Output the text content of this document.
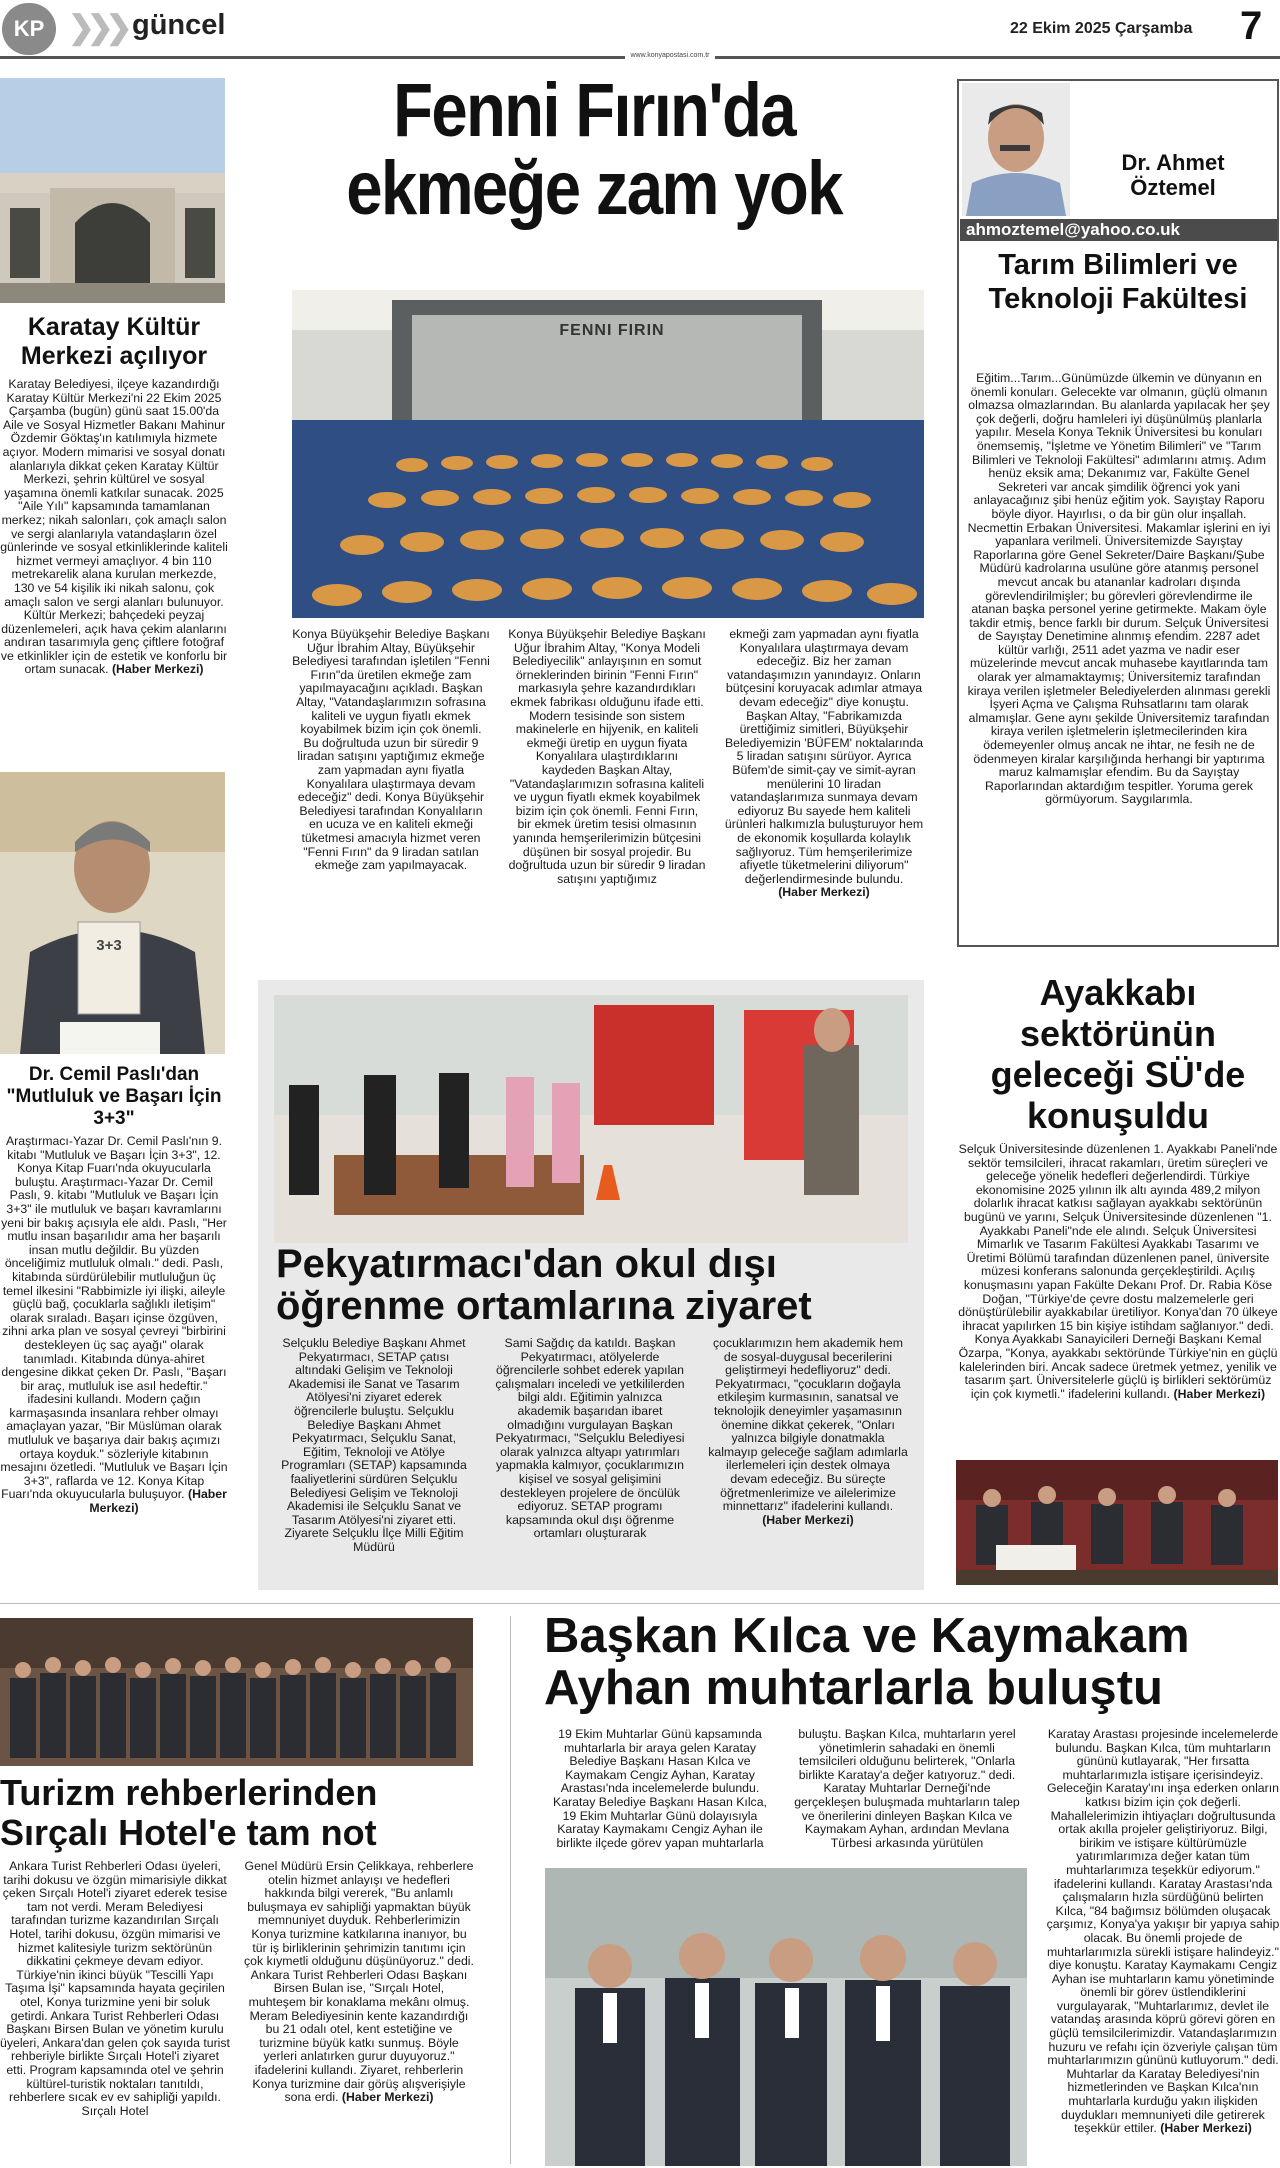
KP ❯❯❯ güncel	22 Ekim 2025 Çarşamba 7
www.konyapostasi.com.tr
Karatay Kültür Merkezi açılıyor
Karatay Belediyesi, ilçeye kazandırdığı Karatay Kültür Merkezi'ni 22 Ekim 2025 Çarşamba (bugün) günü saat 15.00'da Aile ve Sosyal Hizmetler Bakanı Mahinur Özdemir Göktaş'ın katılımıyla hizmete açıyor. Modern mimarisi ve sosyal donatı alanlarıyla dikkat çeken Karatay Kültür Merkezi, şehrin kültürel ve sosyal yaşamına önemli katkılar sunacak. 2025 "Aile Yılı" kapsamında tamamlanan merkez; nikah salonları, çok amaçlı salon ve sergi alanlarıyla vatandaşların özel günlerinde ve sosyal etkinliklerinde kaliteli hizmet vermeyi amaçlıyor. 4 bin 110 metrekarelik alana kurulan merkezde, 130 ve 54 kişilik iki nikah salonu, çok amaçlı salon ve sergi alanları bulunuyor. Kültür Merkezi; bahçedeki peyzaj düzenlemeleri, açık hava çekim alanlarını andıran tasarımıyla genç çiftlere fotoğraf ve etkinlikler için de estetik ve konforlu bir ortam sunacak. (Haber Merkezi)
3+3
Dr. Cemil Paslı'dan "Mutluluk ve Başarı İçin 3+3"
Araştırmacı-Yazar Dr. Cemil Paslı'nın 9. kitabı "Mutluluk ve Başarı İçin 3+3", 12. Konya Kitap Fuarı'nda okuyucularla buluştu. Araştırmacı-Yazar Dr. Cemil Paslı, 9. kitabı "Mutluluk ve Başarı İçin 3+3" ile mutluluk ve başarı kavramlarını yeni bir bakış açısıyla ele aldı. Paslı, "Her mutlu insan başarılıdır ama her başarılı insan mutlu değildir. Bu yüzden önceliğimiz mutluluk olmalı." dedi. Paslı, kitabında sürdürülebilir mutluluğun üç temel ilkesini "Rabbimizle iyi ilişki, aileyle güçlü bağ, çocuklarla sağlıklı iletişim" olarak sıraladı. Başarı içinse özgüven, zihni arka plan ve sosyal çevreyi "birbirini destekleyen üç saç ayağı" olarak tanımladı. Kitabında dünya-ahiret dengesine dikkat çeken Dr. Paslı, "Başarı bir araç, mutluluk ise asıl hedeftir." ifadesini kullandı. Modern çağın karmaşasında insanlara rehber olmayı amaçlayan yazar, "Bir Müslüman olarak mutluluk ve başarıya dair bakış açımızı ortaya koyduk." sözleriyle kitabının mesajını özetledi. "Mutluluk ve Başarı İçin 3+3", raflarda ve 12. Konya Kitap Fuarı'nda okuyucularla buluşuyor. (Haber Merkezi)
Fenni Fırın'da
ekmeğe zam yok
FENNI FIRIN
Konya Büyükşehir Belediye Başkanı Uğur İbrahim Altay, Büyükşehir Belediyesi tarafından işletilen "Fenni Fırın"da üretilen ekmeğe zam yapılmayacağını açıkladı. Başkan Altay, "Vatandaşlarımızın sofrasına kaliteli ve uygun fiyatlı ekmek koyabilmek bizim için çok önemli. Bu doğrultuda uzun bir süredir 9 liradan satışını yaptığımız ekmeğe zam yapmadan aynı fiyatla Konyalılara ulaştırmaya devam edeceğiz" dedi. Konya Büyükşehir Belediyesi tarafından Konyalıların en ucuza ve en kaliteli ekmeği tüketmesi amacıyla hizmet veren "Fenni Fırın" da 9 liradan satılan ekmeğe zam yapılmayacak.
Konya Büyükşehir Belediye Başkanı Uğur İbrahim Altay, "Konya Modeli Belediyecilik" anlayışının en somut örneklerinden birinin "Fenni Fırın" markasıyla şehre kazandırdıkları ekmek fabrikası olduğunu ifade etti. Modern tesisinde son sistem makinelerle en hijyenik, en kaliteli ekmeği üretip en uygun fiyata Konyalılara ulaştırdıklarını kaydeden Başkan Altay, "Vatandaşlarımızın sofrasına kaliteli ve uygun fiyatlı ekmek koyabilmek bizim için çok önemli. Fenni Fırın, bir ekmek üretim tesisi olmasının yanında hemşerilerimizin bütçesini düşünen bir sosyal projedir. Bu doğrultuda uzun bir süredir 9 liradan satışını yaptığımız
ekmeği zam yapmadan aynı fiyatla Konyalılara ulaştırmaya devam edeceğiz. Biz her zaman vatandaşımızın yanındayız. Onların bütçesini koruyacak adımlar atmaya devam edeceğiz" diye konuştu. Başkan Altay, "Fabrikamızda ürettiğimiz simitleri, Büyükşehir Belediyemizin 'BÜFEM' noktalarında 5 liradan satışını sürüyor. Ayrıca Büfem'de simit-çay ve simit-ayran menülerini 10 liradan vatandaşlarımıza sunmaya devam ediyoruz Bu sayede hem kaliteli ürünleri halkımızla buluşturuyor hem de ekonomik koşullarda kolaylık sağlıyoruz. Tüm hemşerilerimize afiyetle tüketmelerini diliyorum" değerlendirmesinde bulundu. (Haber Merkezi)
Dr. Ahmet
Öztemel
ahmoztemel@yahoo.co.uk
Tarım Bilimleri ve Teknoloji Fakültesi
Eğitim...Tarım...Günümüzde ülkemin ve dünyanın en önemli konuları. Gelecekte var olmanın, güçlü olmanın olmazsa olmazlarından. Bu alanlarda yapılacak her şey çok değerli, doğru hamleleri iyi düşünülmüş planlarla yapılır. Mesela Konya Teknik Üniversitesi bu konuları önemsemiş, "İşletme ve Yönetim Bilimleri" ve "Tarım Bilimleri ve Teknoloji Fakültesi" adımlarını atmış. Adım henüz eksik ama; Dekanımız var, Fakülte Genel Sekreteri var ancak şimdilik öğrenci yok yani anlayacağınız şibi henüz eğitim yok. Sayıştay Raporu böyle diyor. Hayırlısı, o da bir gün olur inşallah. Necmettin Erbakan Üniversitesi. Makamlar işlerini en iyi yapanlara verilmeli. Üniversitemizde Sayıştay Raporlarına göre Genel Sekreter/Daire Başkanı/Şube Müdürü kadrolarına usulüne göre atanmış personel mevcut ancak bu atananlar kadroları dışında görevlendirilmişler; bu görevleri görevlendirme ile atanan başka personel yerine getirmekte. Makam öyle takdir etmiş, bence farklı bir durum. Selçuk Üniversitesi de Sayıştay Denetimine alınmış efendim. 2287 adet kültür varlığı, 2511 adet yazma ve nadir eser müzelerinde mevcut ancak muhasebe kayıtlarında tam olarak yer almamaktaymış; Üniversitemiz tarafından kiraya verilen işletmeler Belediyelerden alınması gerekli İşyeri Açma ve Çalışma Ruhsatlarını tam olarak almamışlar. Gene aynı şekilde Üniversitemiz tarafından kiraya verilen işletmelerin işletmecilerinden kira ödemeyenler olmuş ancak ne ihtar, ne fesih ne de ödenmeyen kiralar karşılığında herhangi bir yaptırıma maruz kalmamışlar efendim. Bu da Sayıştay Raporlarından aktardığım tespitler. Yoruma gerek görmüyorum. Saygılarımla.
Pekyatırmacı'dan okul dışı
öğrenme ortamlarına ziyaret
Selçuklu Belediye Başkanı Ahmet Pekyatırmacı, SETAP çatısı altındaki Gelişim ve Teknoloji Akademisi ile Sanat ve Tasarım Atölyesi'ni ziyaret ederek öğrencilerle buluştu. Selçuklu Belediye Başkanı Ahmet Pekyatırmacı, Selçuklu Sanat, Eğitim, Teknoloji ve Atölye Programları (SETAP) kapsamında faaliyetlerini sürdüren Selçuklu Belediyesi Gelişim ve Teknoloji Akademisi ile Selçuklu Sanat ve Tasarım Atölyesi'ni ziyaret etti. Ziyarete Selçuklu İlçe Milli Eğitim Müdürü
Sami Sağdıç da katıldı. Başkan Pekyatırmacı, atölyelerde öğrencilerle sohbet ederek yapılan çalışmaları inceledi ve yetkililerden bilgi aldı. Eğitimin yalnızca akademik başarıdan ibaret olmadığını vurgulayan Başkan Pekyatırmacı, "Selçuklu Belediyesi olarak yalnızca altyapı yatırımları yapmakla kalmıyor, çocuklarımızın kişisel ve sosyal gelişimini destekleyen projelere de öncülük ediyoruz. SETAP programı kapsamında okul dışı öğrenme ortamları oluşturarak
çocuklarımızın hem akademik hem de sosyal-duygusal becerilerini geliştirmeyi hedefliyoruz" dedi. Pekyatırmacı, "çocukların doğayla etkileşim kurmasının, sanatsal ve teknolojik deneyimler yaşamasının önemine dikkat çekerek, "Onları yalnızca bilgiyle donatmakla kalmayıp geleceğe sağlam adımlarla ilerlemeleri için destek olmaya devam edeceğiz. Bu süreçte öğretmenlerimize ve ailelerimize minnettarız" ifadelerini kullandı. (Haber Merkezi)
Ayakkabı sektörünün geleceği SÜ'de konuşuldu
Selçuk Üniversitesinde düzenlenen 1. Ayakkabı Paneli'nde sektör temsilcileri, ihracat rakamları, üretim süreçleri ve geleceğe yönelik hedefleri değerlendirdi. Türkiye ekonomisine 2025 yılının ilk altı ayında 489,2 milyon dolarlık ihracat katkısı sağlayan ayakkabı sektörünün bugünü ve yarını, Selçuk Üniversitesinde düzenlenen "1. Ayakkabı Paneli"nde ele alındı. Selçuk Üniversitesi Mimarlık ve Tasarım Fakültesi Ayakkabı Tasarımı ve Üretimi Bölümü tarafından düzenlenen panel, üniversite müzesi konferans salonunda gerçekleştirildi. Açılış konuşmasını yapan Fakülte Dekanı Prof. Dr. Rabia Köse Doğan, "Türkiye'de çevre dostu malzemelerle geri dönüştürülebilir ayakkabılar üretiliyor. Konya'dan 70 ülkeye ihracat yapılırken 15 bin kişiye istihdam sağlanıyor." dedi. Konya Ayakkabı Sanayicileri Derneği Başkanı Kemal Özarpa, "Konya, ayakkabı sektöründe Türkiye'nin en güçlü kalelerinden biri. Ancak sadece üretmek yetmez, yenilik ve tasarım şart. Üniversitelerle güçlü iş birlikleri sektörümüz için çok kıymetli." ifadelerini kullandı. (Haber Merkezi)
Turizm rehberlerinden
Sırçalı Hotel'e tam not
Ankara Turist Rehberleri Odası üyeleri, tarihi dokusu ve özgün mimarisiyle dikkat çeken Sırçalı Hotel'i ziyaret ederek tesise tam not verdi. Meram Belediyesi tarafından turizme kazandırılan Sırçalı Hotel, tarihi dokusu, özgün mimarisi ve hizmet kalitesiyle turizm sektörünün dikkatini çekmeye devam ediyor. Türkiye'nin ikinci büyük "Tescilli Yapı Taşıma İşi" kapsamında hayata geçirilen otel, Konya turizmine yeni bir soluk getirdi. Ankara Turist Rehberleri Odası Başkanı Birsen Bulan ve yönetim kurulu üyeleri, Ankara'dan gelen çok sayıda turist rehberiyle birlikte Sırçalı Hotel'i ziyaret etti. Program kapsamında otel ve şehrin kültürel-turistik noktaları tanıtıldı, rehberlere sıcak ev ev sahipliği yapıldı. Sırçalı Hotel
Genel Müdürü Ersin Çelikkaya, rehberlere otelin hizmet anlayışı ve hedefleri hakkında bilgi vererek, "Bu anlamlı buluşmaya ev sahipliği yapmaktan büyük memnuniyet duyduk. Rehberlerimizin Konya turizmine katkılarına inanıyor, bu tür iş birliklerinin şehrimizin tanıtımı için çok kıymetli olduğunu düşünüyoruz." dedi. Ankara Turist Rehberleri Odası Başkanı Birsen Bulan ise, "Sırçalı Hotel, muhteşem bir konaklama mekânı olmuş. Meram Belediyesinin kente kazandırdığı bu 21 odalı otel, kent estetiğine ve turizmine büyük katkı sunmuş. Böyle yerleri anlatırken gurur duyuyoruz." ifadelerini kullandı. Ziyaret, rehberlerin Konya turizmine dair görüş alışverişiyle sona erdi. (Haber Merkezi)
Başkan Kılca ve Kaymakam
Ayhan muhtarlarla buluştu
19 Ekim Muhtarlar Günü kapsamında muhtarlarla bir araya gelen Karatay Belediye Başkanı Hasan Kılca ve Kaymakam Cengiz Ayhan, Karatay Arastası'nda incelemelerde bulundu. Karatay Belediye Başkanı Hasan Kılca, 19 Ekim Muhtarlar Günü dolayısıyla Karatay Kaymakamı Cengiz Ayhan ile birlikte ilçede görev yapan muhtarlarla
buluştu. Başkan Kılca, muhtarların yerel yönetimlerin sahadaki en önemli temsilcileri olduğunu belirterek, "Onlarla birlikte Karatay'a değer katıyoruz." dedi. Karatay Muhtarlar Derneği'nde gerçekleşen buluşmada muhtarların talep ve önerilerini dinleyen Başkan Kılca ve Kaymakam Ayhan, ardından Mevlana Türbesi arkasında yürütülen
Karatay Arastası projesinde incelemelerde bulundu. Başkan Kılca, tüm muhtarların gününü kutlayarak, "Her fırsatta muhtarlarımızla istişare içerisindeyiz. Geleceğin Karatay'ını inşa ederken onların katkısı bizim için çok değerli. Mahallelerimizin ihtiyaçları doğrultusunda ortak akılla projeler geliştiriyoruz. Bilgi, birikim ve istişare kültürümüzle yatırımlarımıza değer katan tüm muhtarlarımıza teşekkür ediyorum." ifadelerini kullandı. Karatay Arastası'nda çalışmaların hızla sürdüğünü belirten Kılca, "84 bağımsız bölümden oluşacak çarşımız, Konya'ya yakışır bir yapıya sahip olacak. Bu önemli projede de muhtarlarımızla sürekli istişare halindeyiz." diye konuştu. Karatay Kaymakamı Cengiz Ayhan ise muhtarların kamu yönetiminde önemli bir görev üstlendiklerini vurgulayarak, "Muhtarlarımız, devlet ile vatandaş arasında köprü görevi gören en güçlü temsilcilerimizdir. Vatandaşlarımızın huzuru ve refahı için özveriyle çalışan tüm muhtarlarımızın gününü kutluyorum." dedi. Muhtarlar da Karatay Belediyesi'nin hizmetlerinden ve Başkan Kılca'nın muhtarlarla kurduğu yakın ilişkiden duydukları memnuniyeti dile getirerek teşekkür ettiler. (Haber Merkezi)
